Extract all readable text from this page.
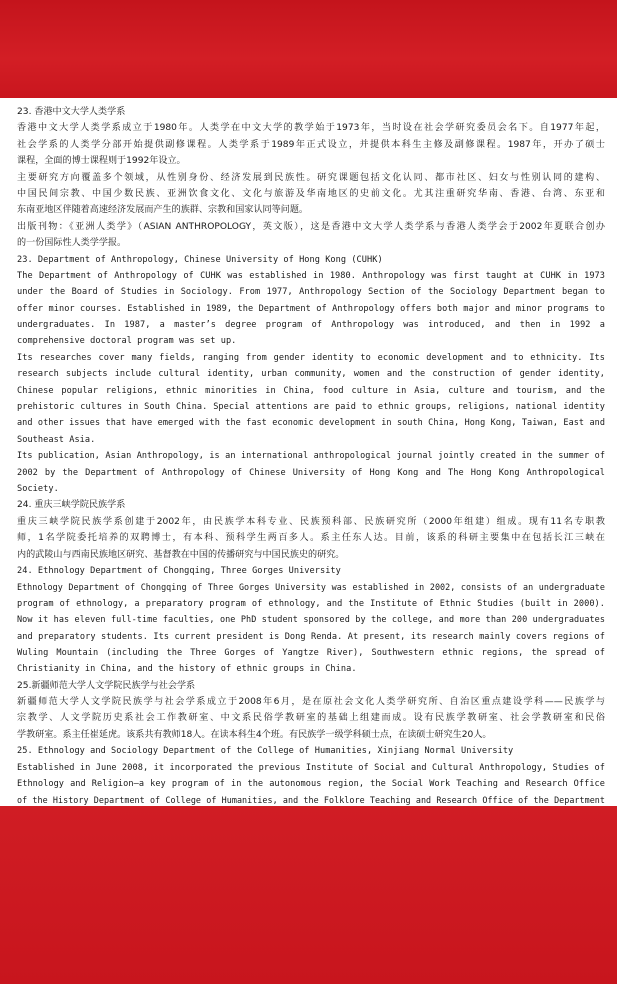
23. 香港中文大学人类学系
香港中文大学人类学系成立于1980年。人类学在中文大学的教学始于1973年，当时设在社会学研究委员会名下。自1977年起，
社会学系的人类学分部开始提供副修课程。人类学系于1989年正式设立，并提供本科生主修及副修课程。1987年，开办了硕士
课程，全面的博士课程则于1992年设立。
主要研究方向覆盖多个领域，从性别身份、经济发展到民族性。研究课题包括文化认同、都市社区、妇女与性别认同的建构、
中国民间宗教、中国少数民族、亚洲饮食文化、文化与旅游及华南地区的史前文化。尤其注重研究华南、香港、台湾、东亚和
东南亚地区伴随着高速经济发展而产生的族群、宗教和国家认同等问题。
出版刊物：《亚洲人类学》（ASIAN ANTHROPOLOGY，英文版），这是香港中文大学人类学系与香港人类学会于2002年夏联合创办
的一份国际性人类学学报。
23. Department of Anthropology, Chinese University of Hong Kong (CUHK)
The Department of Anthropology of CUHK was established in 1980. Anthropology was first taught at CUHK in 1973
under the Board of Studies in Sociology. From 1977, Anthropology Section of the Sociology Department began to
offer minor courses. Established in 1989, the Department of Anthropology offers both major and minor programs to
undergraduates. In 1987, a master’s degree program of Anthropology was introduced, and then in 1992 a
comprehensive doctoral program was set up.
Its researches cover many fields, ranging from gender identity to economic development and to ethnicity. Its
research subjects include cultural identity, urban community, women and the construction of gender identity,
Chinese popular religions, ethnic minorities in China, food culture in Asia, culture and tourism, and the
prehistoric cultures in South China. Special attentions are paid to ethnic groups, religions, national identity
and other issues that have emerged with the fast economic development in south China, Hong Kong, Taiwan, East and
Southeast Asia.
Its publication, Asian Anthropology, is an international anthropological journal jointly created in the summer of
2002 by the Department of Anthropology of Chinese University of Hong Kong and The Hong Kong Anthropological
Society.
24. 重庆三峡学院民族学系
重庆三峡学院民族学系创建于2002年，由民族学本科专业、民族预科部、民族研究所（2000年组建）组成。现有11名专职教
师，1名学院委托培养的双聘博士，有本科、预科学生两百多人。系主任东人达。目前，该系的科研主要集中在包括长江三峡在
内的武陵山与西南民族地区研究、基督教在中国的传播研究与中国民族史的研究。
24. Ethnology Department of Chongqing, Three Gorges University
Ethnology Department of Chongqing of Three Gorges University was established in 2002, consists of an undergraduate
program of ethnology, a preparatory program of ethnology, and the Institute of Ethnic Studies (built in 2000).
Now it has eleven full-time faculties, one PhD student sponsored by the college, and more than 200 undergraduates
and preparatory students. Its current president is Dong Renda. At present, its research mainly covers regions of
Wuling Mountain (including the Three Gorges of Yangtze River), Southwestern ethnic regions, the spread of
Christianity in China, and the history of ethnic groups in China.
25.新疆师范大学人文学院民族学与社会学系
新疆师范大学人文学院民族学与社会学系成立于2008年6月，是在原社会文化人类学研究所、自治区重点建设学科——民族学与
宗教学、人文学院历史系社会工作教研室、中文系民俗学教研室的基础上组建而成。设有民族学教研室、社会学教研室和民俗
学教研室。系主任崔延虎。该系共有教师18人。在读本科生4个班。有民族学一级学科硕士点，在读硕士研究生20人。
25. Ethnology and Sociology Department of the College of Humanities, Xinjiang Normal University
Established in June 2008, it incorporated the previous Institute of Social and Cultural Anthropology, Studies of
Ethnology and Religion—a key program of in the autonomous region, the Social Work Teaching and Research Office
of the History Department of College of Humanities, and the Folklore Teaching and Research Office of the Department
